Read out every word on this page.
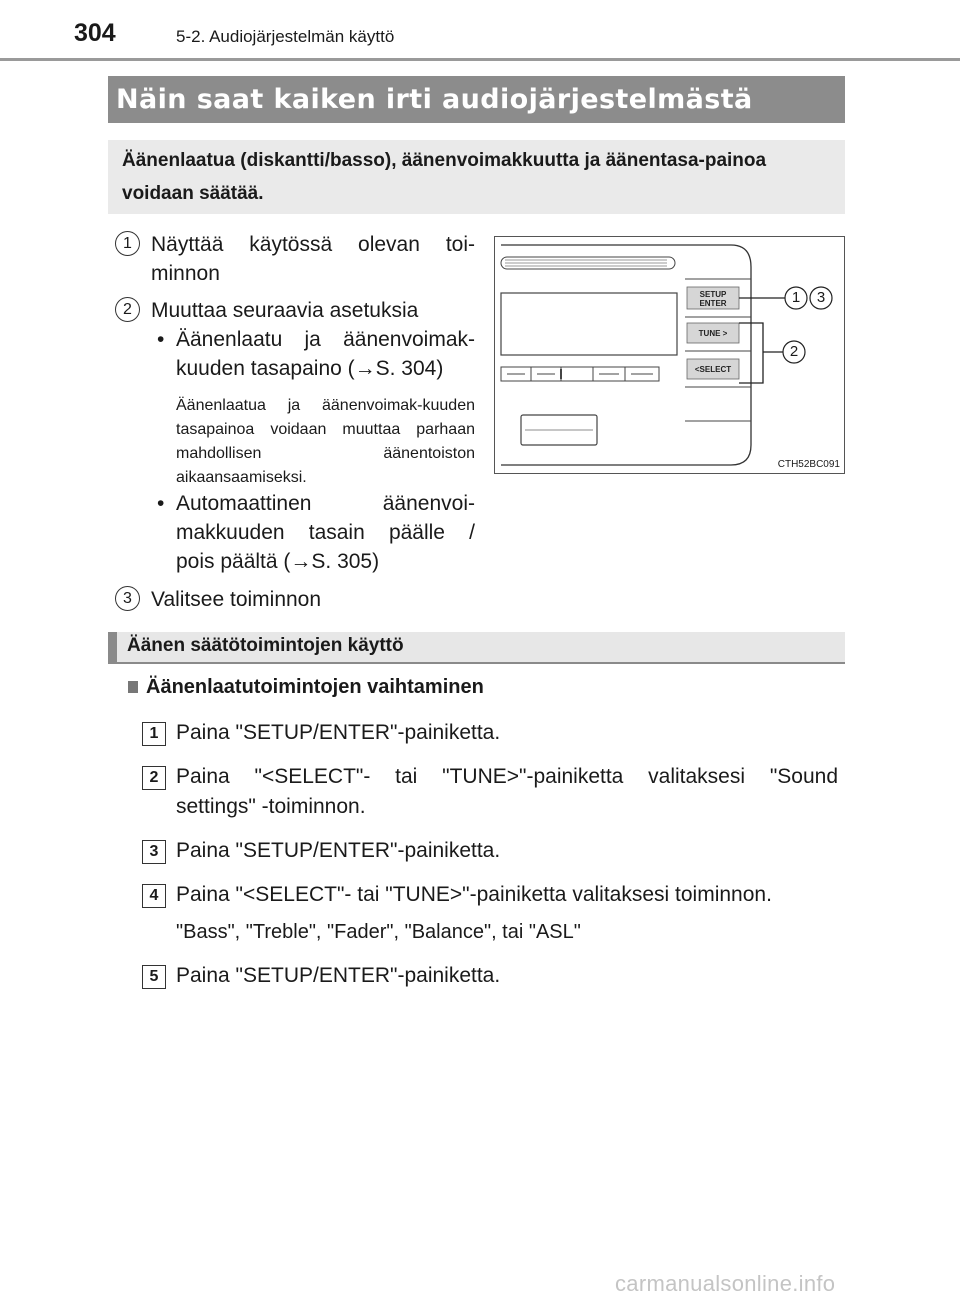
304	5-2. Audiojärjestelmän käyttö
Näin saat kaiken irti audiojärjestelmästä
Äänenlaatua (diskantti/basso), äänenvoimakkuutta ja äänentasa-painoa voidaan säätää.
1 Näyttää käytössä olevan toi-
minnon
2 Muuttaa seuraavia asetuksia
• Äänenlaatu ja äänenvoimak-
kuuden tasapaino (→S. 304)
Äänenlaatua ja äänenvoimak-kuuden tasapainoa voidaan muuttaa parhaan mahdollisen äänentoiston aikaansaamiseksi.
• Automaattinen äänenvoi-
makkuuden tasain päälle /
pois päältä (→S. 305)
3 Valitsee toiminnon
SETUP
ENTER
TUNE >
<SELECT
1	3
2
CTH52BC091
Äänen säätötoimintojen käyttö
Äänenlaatutoimintojen vaihtaminen
1 Paina "SETUP/ENTER"-painiketta.
2 Paina "<SELECT"- tai "TUNE>"-painiketta valitaksesi "Sound
settings" -toiminnon.
3 Paina "SETUP/ENTER"-painiketta.
4 Paina "<SELECT"- tai "TUNE>"-painiketta valitaksesi toiminnon.
"Bass", "Treble", "Fader", "Balance", tai "ASL"
5 Paina "SETUP/ENTER"-painiketta.
carmanualsonline.info
